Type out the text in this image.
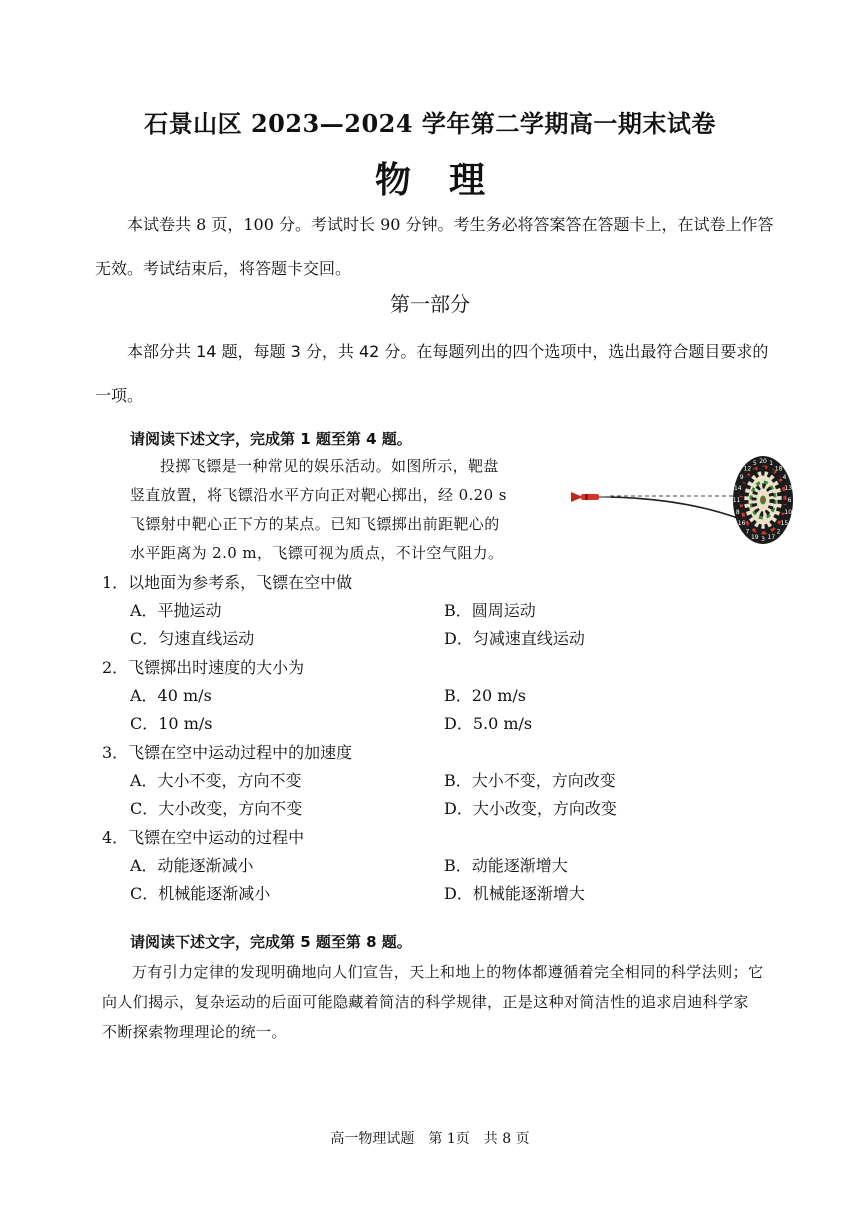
石景山区 2023—2024 学年第二学期高一期末试卷
物理
本试卷共 8 页，100 分。考试时长 90 分钟。考生务必将答案答在答题卡上，在试卷上作答无效。考试结束后，将答题卡交回。
第一部分
本部分共 14 题，每题 3 分，共 42 分。在每题列出的四个选项中，选出最符合题目要求的一项。
请阅读下述文字，完成第 1 题至第 4 题。
投掷飞镖是一种常见的娱乐活动。如图所示，靶盘
竖直放置，将飞镖沿水平方向正对靶心掷出，经 0.20 s
飞镖射中靶心正下方的某点。已知飞镖掷出前距靶心的
水平距离为 2.0 m，飞镖可视为质点，不计空气阻力。
20 1
18
4
13
6
10
15
2
17
3
19
7
16
8
11
14
9
12
5
1．以地面为参考系，飞镖在空中做
A．平抛运动	B．圆周运动
C．匀速直线运动	D．匀减速直线运动
2．飞镖掷出时速度的大小为
A．40 m/s	B．20 m/s
C．10 m/s	D．5.0 m/s
3．飞镖在空中运动过程中的加速度
A．大小不变，方向不变	B．大小不变，方向改变
C．大小改变，方向不变	D．大小改变，方向改变
4．飞镖在空中运动的过程中
A．动能逐渐减小	B．动能逐渐增大
C．机械能逐渐减小	D．机械能逐渐增大
请阅读下述文字，完成第 5 题至第 8 题。
万有引力定律的发现明确地向人们宣告，天上和地上的物体都遵循着完全相同的科学法则；它向人们揭示，复杂运动的后面可能隐藏着简洁的科学规律，正是这种对简洁性的追求启迪科学家不断探索物理理论的统一。
高一物理试题　第 1页　共 8 页
